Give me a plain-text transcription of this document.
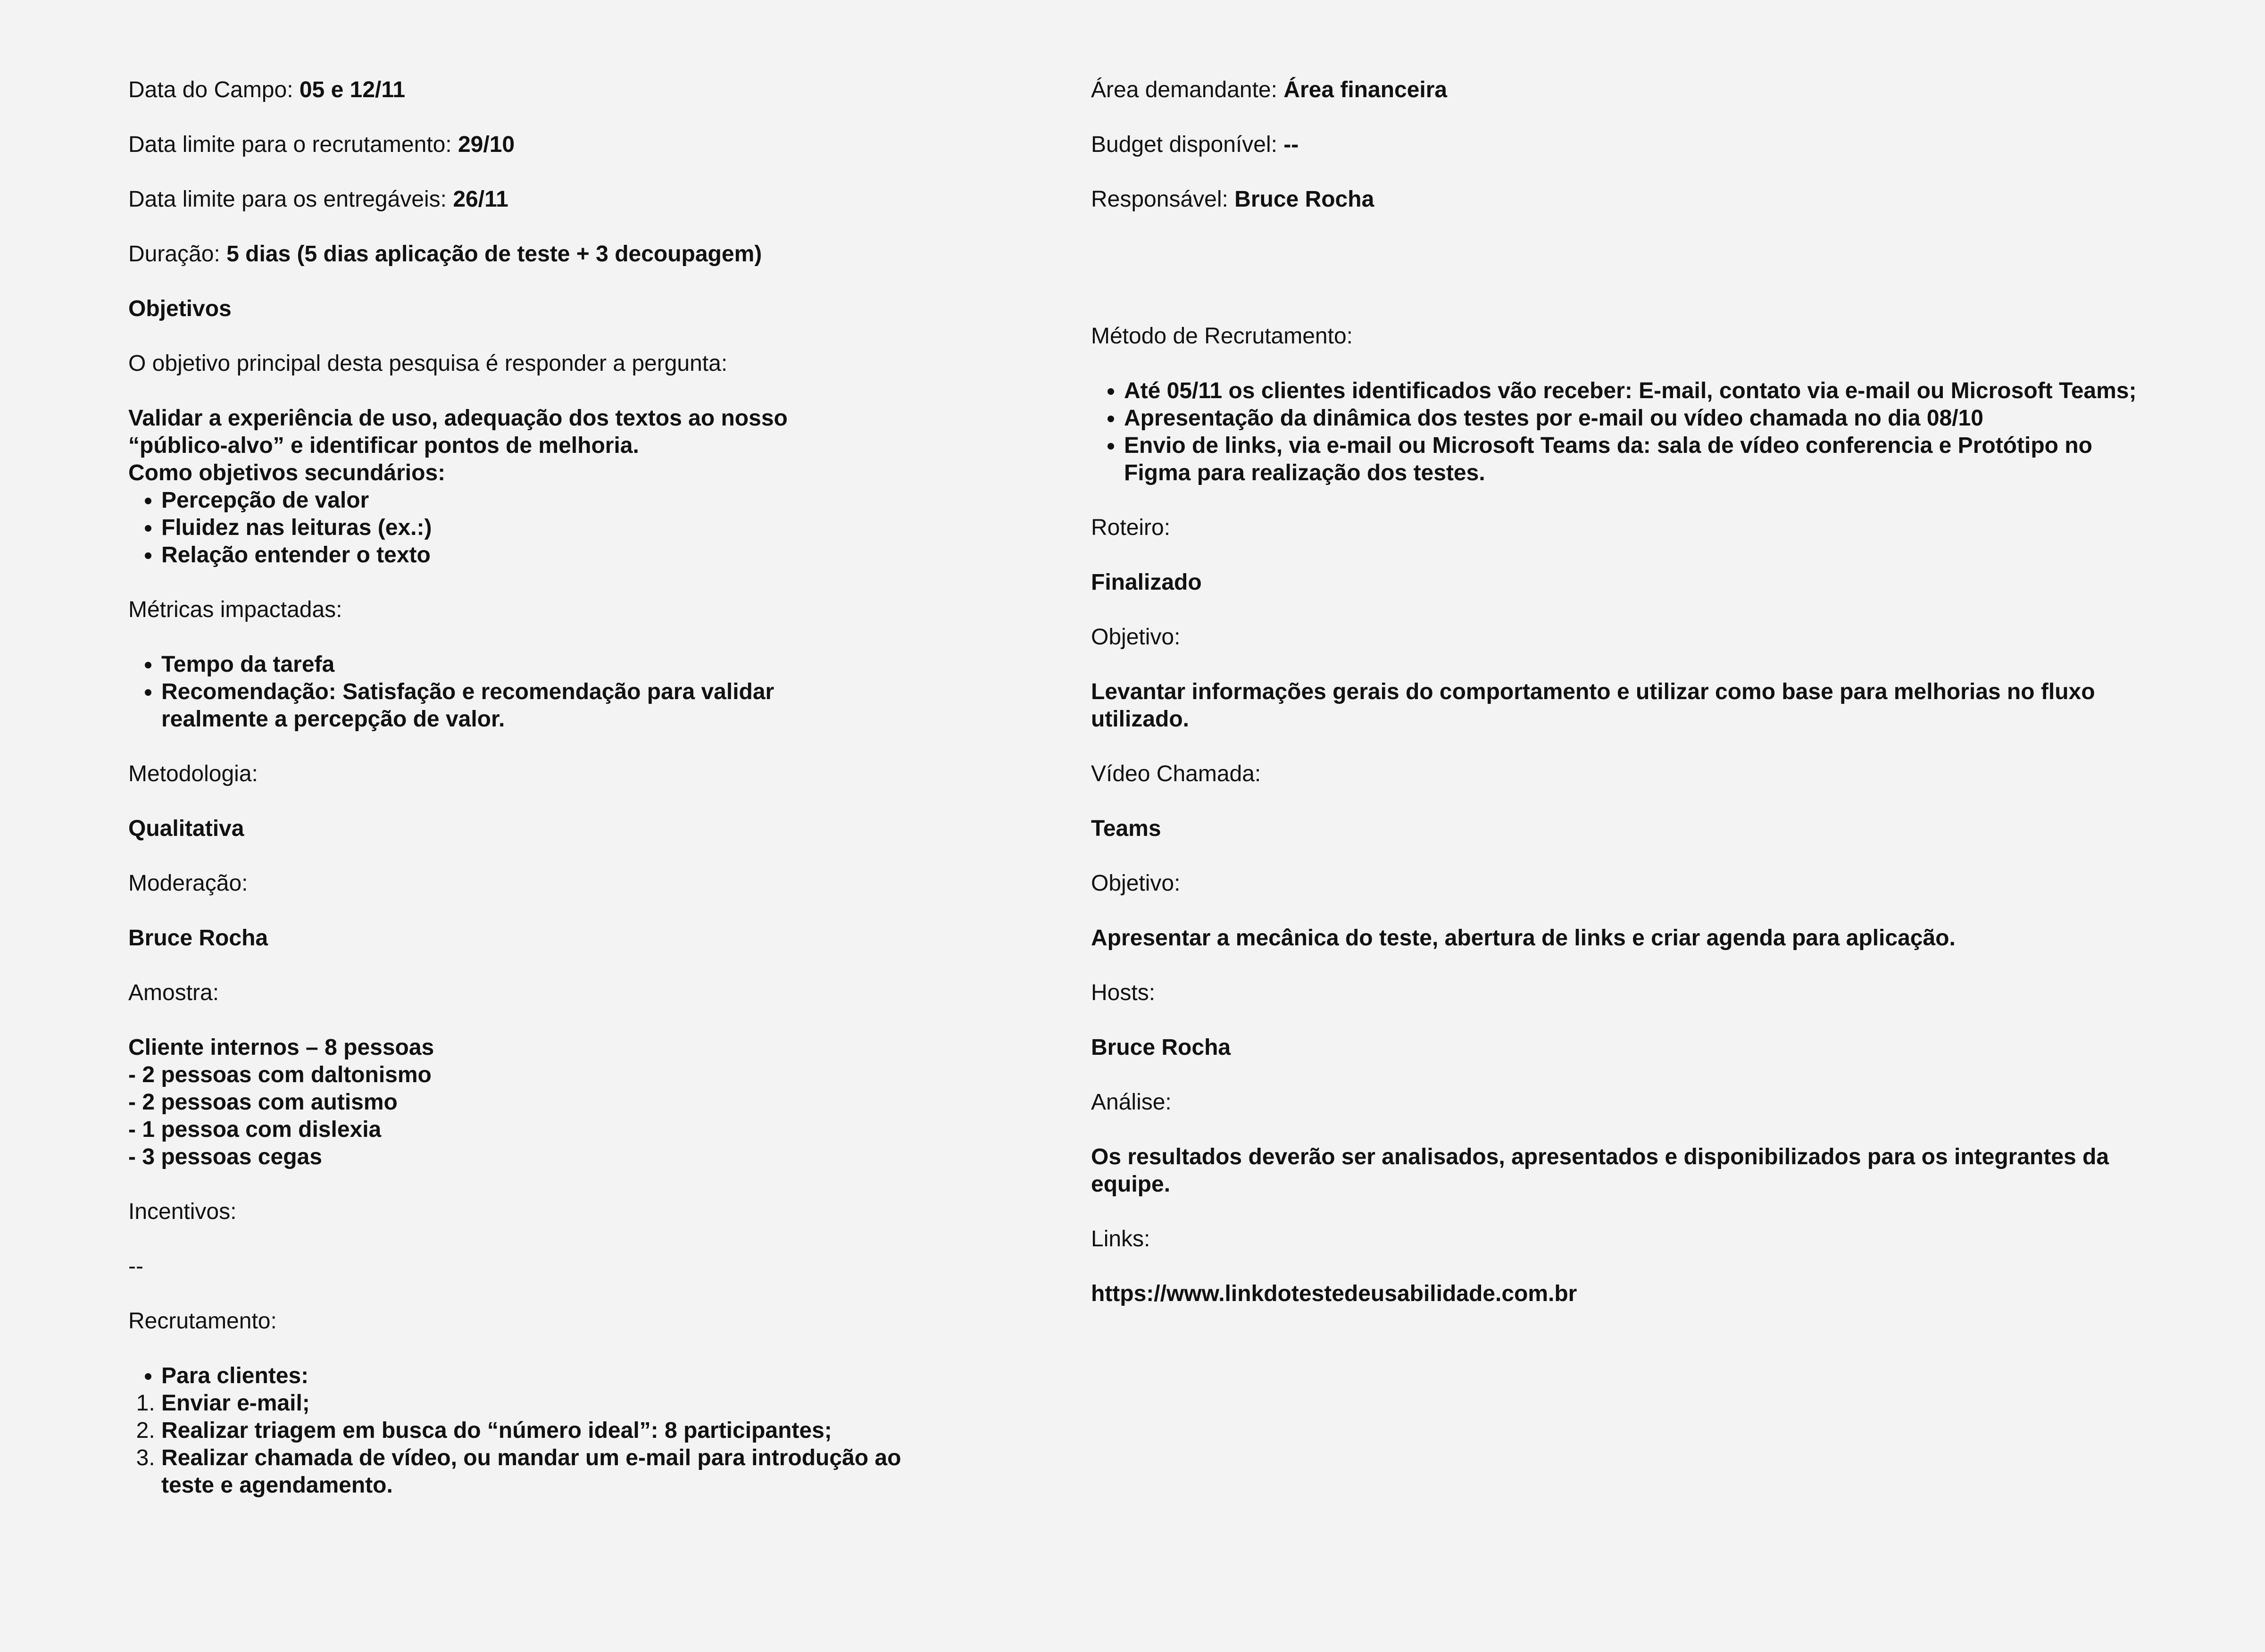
Data do Campo: 05 e 12/11

Data limite para o recrutamento: 29/10

Data limite para os entregáveis: 26/11

Duração: 5 dias (5 dias aplicação de teste + 3 decoupagem)

Objetivos

O objetivo principal desta pesquisa é responder a pergunta:

Validar a experiência de uso, adequação dos textos ao nosso
“público-alvo” e identificar pontos de melhoria.
Como objetivos secundários:
• Percepção de valor
• Fluidez nas leituras (ex.:)
• Relação entender o texto

Métricas impactadas:

• Tempo da tarefa
• Recomendação: Satisfação e recomendação para validar realmente a percepção de valor.

Metodologia:

Qualitativa

Moderação:

Bruce Rocha

Amostra:

Cliente internos – 8 pessoas
- 2 pessoas com daltonismo
- 2 pessoas com autismo
- 1 pessoa com dislexia
- 3 pessoas cegas

Incentivos:

--

Recrutamento:

• Para clientes:
1. Enviar e-mail;
2. Realizar triagem em busca do “número ideal”: 8 participantes;
3. Realizar chamada de vídeo, ou mandar um e-mail para introdução ao teste e agendamento.

Área demandante: Área financeira

Budget disponível: --

Responsável: Bruce Rocha

Método de Recrutamento:

• Até 05/11 os clientes identificados vão receber: E-mail, contato via e-mail ou Microsoft Teams;
• Apresentação da dinâmica dos testes por e-mail ou vídeo chamada no dia 08/10
• Envio de links, via e-mail ou Microsoft Teams da: sala de vídeo conferencia e Protótipo no Figma para realização dos testes.

Roteiro:

Finalizado

Objetivo:

Levantar informações gerais do comportamento e utilizar como base para melhorias no fluxo utilizado.

Vídeo Chamada:

Teams

Objetivo:

Apresentar a mecânica do teste, abertura de links e criar agenda para aplicação.

Hosts:

Bruce Rocha

Análise:

Os resultados deverão ser analisados, apresentados e disponibilizados para os integrantes da equipe.

Links:

https://www.linkdotestedeusabilidade.com.br
